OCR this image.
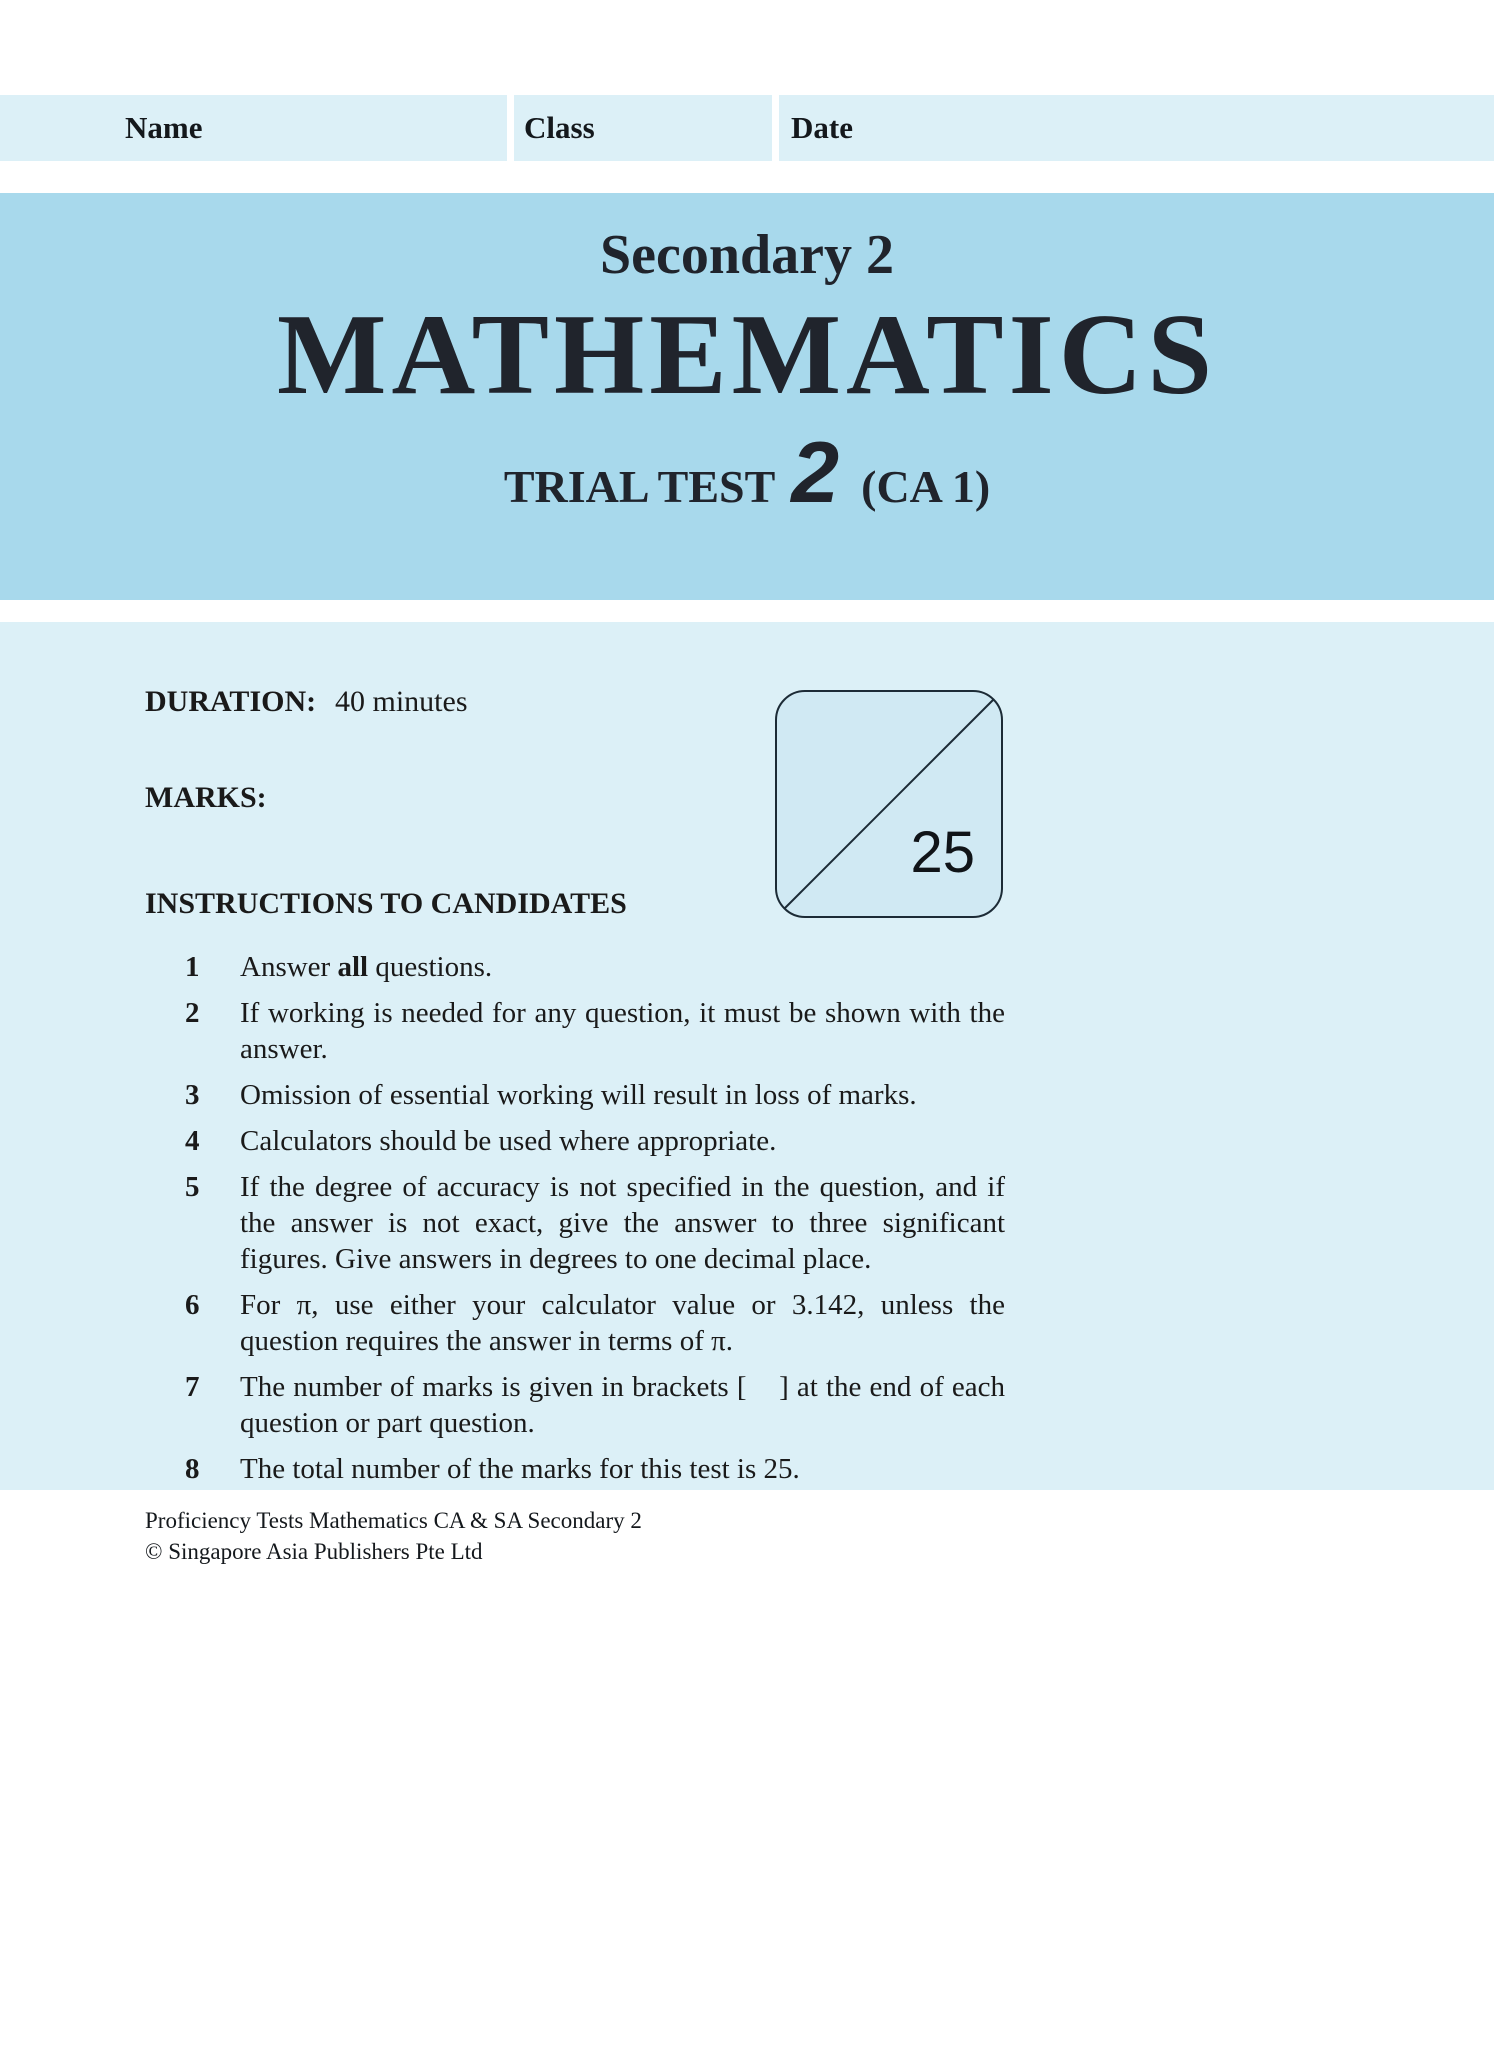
Name	Class	Date
Secondary 2
MATHEMATICS
TRIAL TEST 2 (CA 1)
DURATION: 40 minutes
MARKS:
25
INSTRUCTIONS TO CANDIDATES
1	Answer all questions.
2	If working is needed for any question, it must be shown with the answer.
3	Omission of essential working will result in loss of marks.
4	Calculators should be used where appropriate.
5	If the degree of accuracy is not specified in the question, and if the answer is not exact, give the answer to three significant figures. Give answers in degrees to one decimal place.
6	For π, use either your calculator value or 3.142, unless the question requires the answer in terms of π.
7	The number of marks is given in brackets [    ] at the end of each question or part question.
8	The total number of the marks for this test is 25.
Proficiency Tests Mathematics CA & SA Secondary 2
© Singapore Asia Publishers Pte Ltd
